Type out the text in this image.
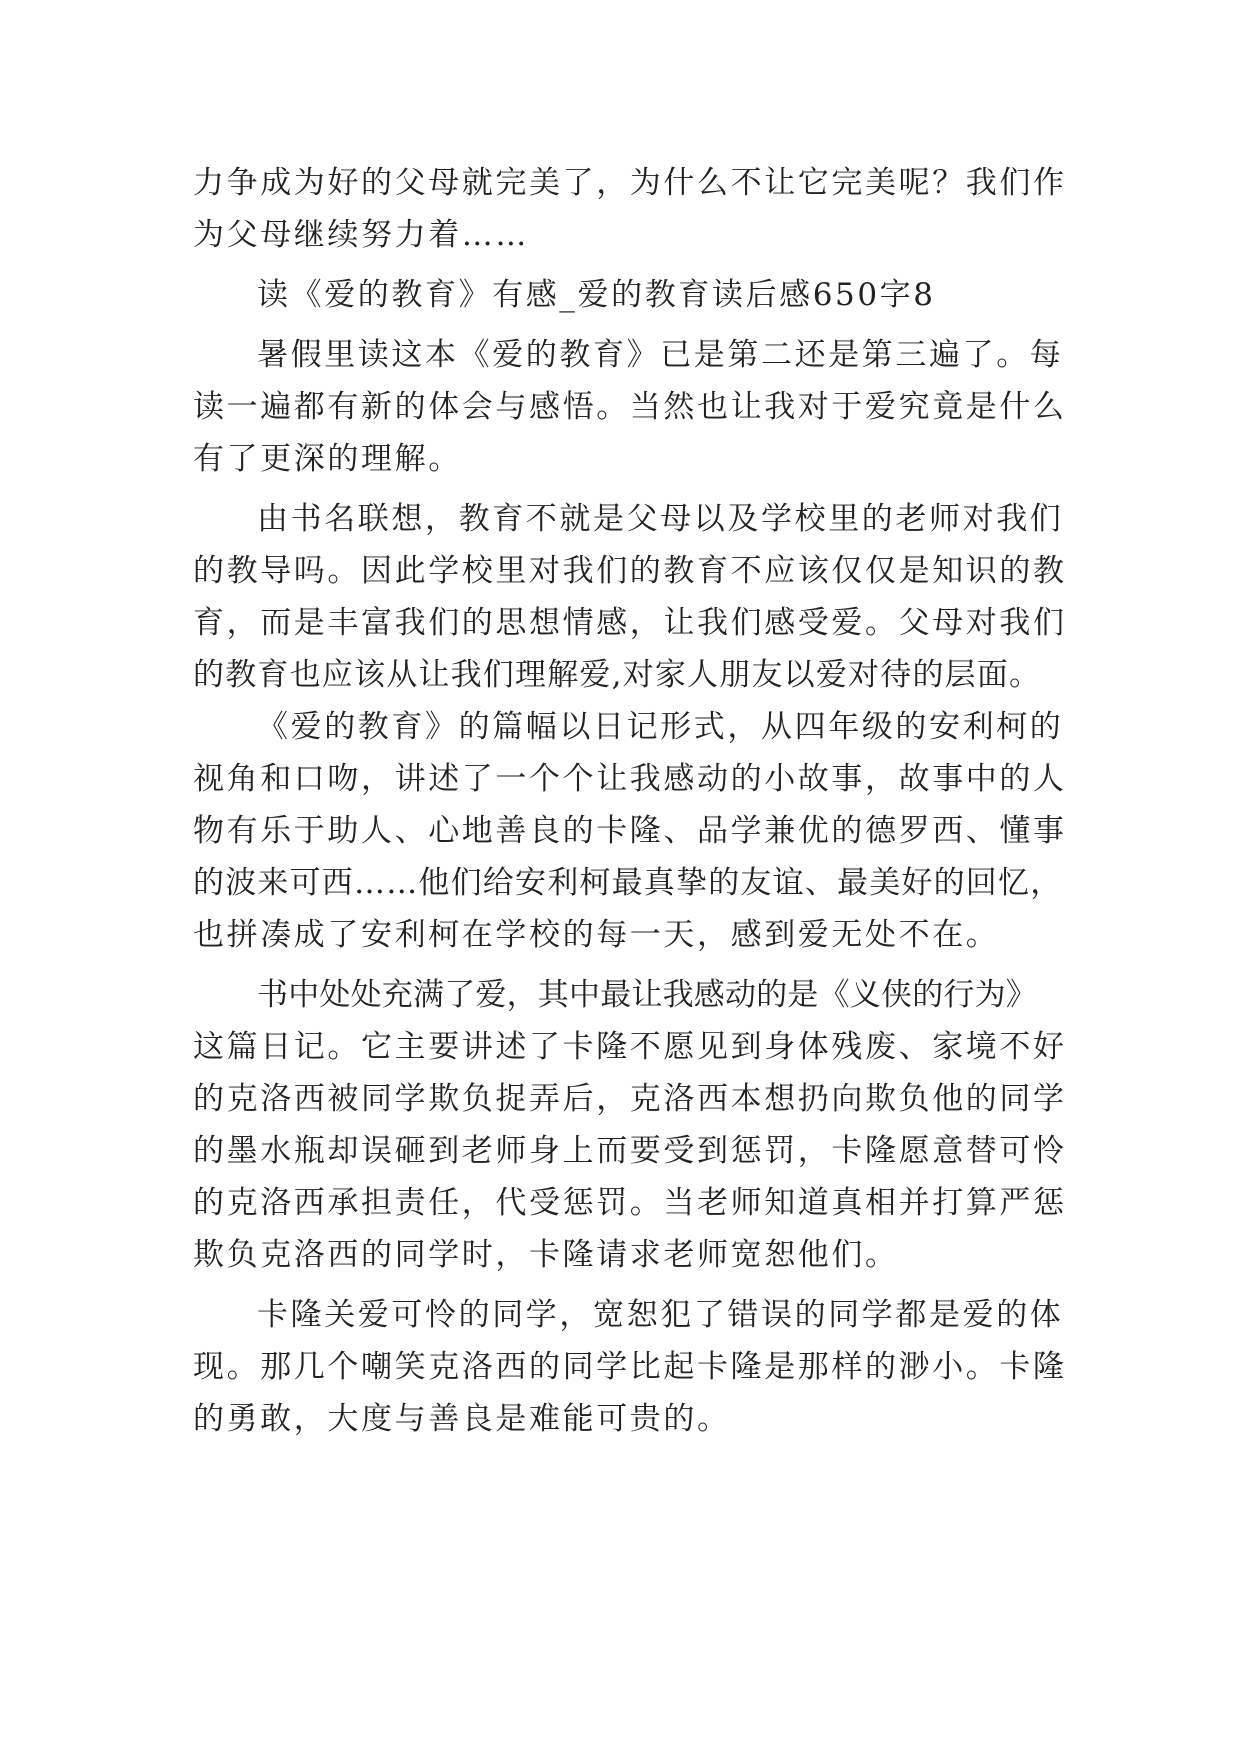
力争成为好的父母就完美了，为什么不让它完美呢？我们作
为父母继续努力着……
读《爱的教育》有感_爱的教育读后感650字8
暑假里读这本《爱的教育》已是第二还是第三遍了。每
读一遍都有新的体会与感悟。当然也让我对于爱究竟是什么
有了更深的理解。
由书名联想，教育不就是父母以及学校里的老师对我们
的教导吗。因此学校里对我们的教育不应该仅仅是知识的教
育，而是丰富我们的思想情感，让我们感受爱。父母对我们
的教育也应该从让我们理解爱,对家人朋友以爱对待的层面。
《爱的教育》的篇幅以日记形式，从四年级的安利柯的
视角和口吻，讲述了一个个让我感动的小故事，故事中的人
物有乐于助人、心地善良的卡隆、品学兼优的德罗西、懂事
的波来可西……他们给安利柯最真挚的友谊、最美好的回忆，
也拼凑成了安利柯在学校的每一天，感到爱无处不在。
书中处处充满了爱，其中最让我感动的是《义侠的行为》
这篇日记。它主要讲述了卡隆不愿见到身体残废、家境不好
的克洛西被同学欺负捉弄后，克洛西本想扔向欺负他的同学
的墨水瓶却误砸到老师身上而要受到惩罚，卡隆愿意替可怜
的克洛西承担责任，代受惩罚。当老师知道真相并打算严惩
欺负克洛西的同学时，卡隆请求老师宽恕他们。
卡隆关爱可怜的同学，宽恕犯了错误的同学都是爱的体
现。那几个嘲笑克洛西的同学比起卡隆是那样的渺小。卡隆
的勇敢，大度与善良是难能可贵的。
